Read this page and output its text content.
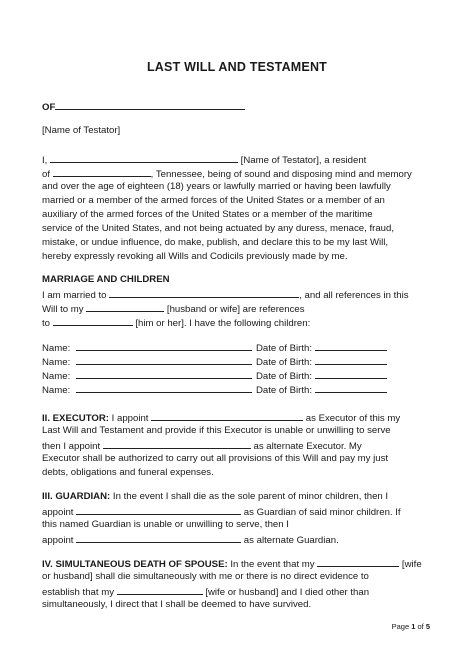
LAST WILL AND TESTAMENT
OF
[Name of Testator]
I,	[Name of Testator], a resident
of	, Tennessee, being of sound and disposing mind and memory
and over the age of eighteen (18) years or lawfully married or having been lawfully
married or a member of the armed forces of the United States or a member of an
auxiliary of the armed forces of the United States or a member of the maritime
service of the United States, and not being actuated by any duress, menace, fraud,
mistake, or undue influence, do make, publish, and declare this to be my last Will,
hereby expressly revoking all Wills and Codicils previously made by me.
MARRIAGE AND CHILDREN
I am married to	, and all references in this
Will to my	[husband or wife] are references
to	[him or her]. I have the following children:
Name:	Date of Birth:
Name:	Date of Birth:
Name:	Date of Birth:
Name:	Date of Birth:
II. EXECUTOR: I appoint	as Executor of this my
Last Will and Testament and provide if this Executor is unable or unwilling to serve
then I appoint	as alternate Executor. My
Executor shall be authorized to carry out all provisions of this Will and pay my just
debts, obligations and funeral expenses.
III. GUARDIAN: In the event I shall die as the sole parent of minor children, then I
appoint	as Guardian of said minor children. If
this named Guardian is unable or unwilling to serve, then I
appoint	as alternate Guardian.
IV. SIMULTANEOUS DEATH OF SPOUSE: In the event that my	[wife
or husband] shall die simultaneously with me or there is no direct evidence to
establish that my	[wife or husband] and I died other than
simultaneously, I direct that I shall be deemed to have survived.
Page 1 of 5
